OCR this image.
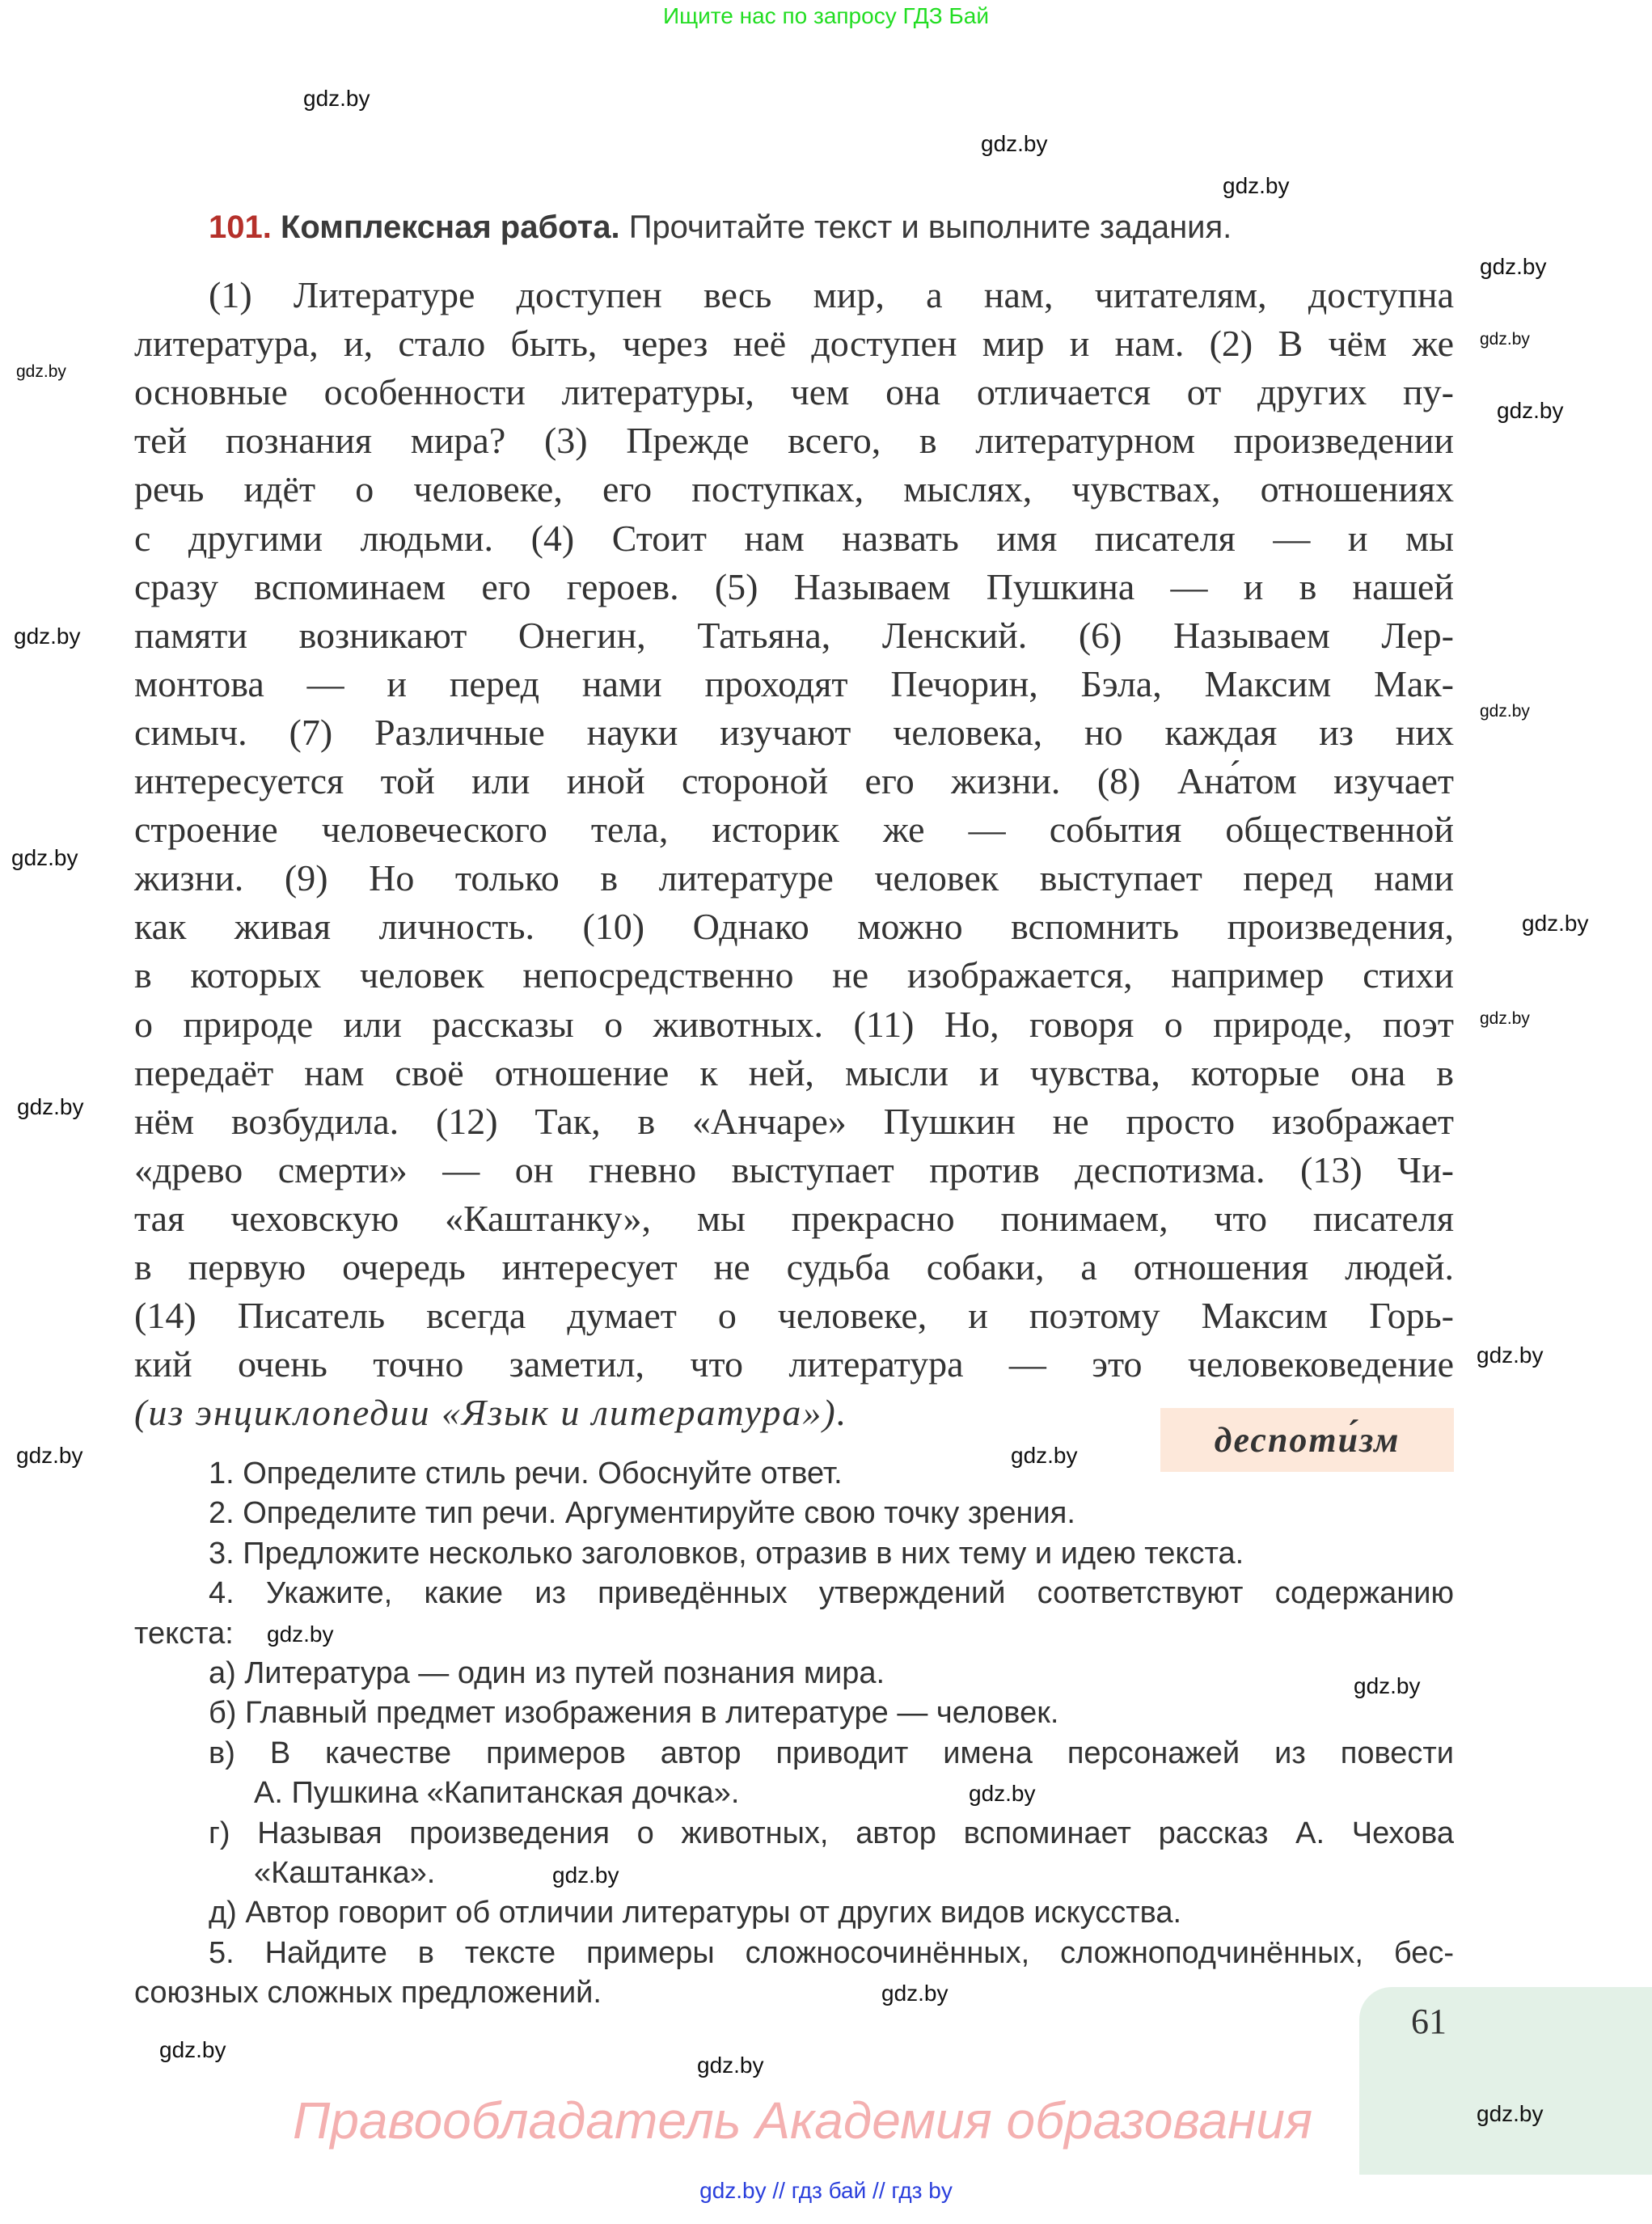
Ищите нас по запросу ГДЗ Бай
101. Комплексная работа. Прочитайте текст и выполните задания.
(1) Литературе доступен весь мир, а нам, читателям, доступна
литература, и, стало быть, через неё доступен мир и нам. (2) В чём же
основные особенности литературы, чем она отличается от других пу-
тей познания мира? (3) Прежде всего, в литературном произведении
речь идёт о человеке, его поступках, мыслях, чувствах, отношениях
с другими людьми. (4) Стоит нам назвать имя писателя — и мы
сразу вспоминаем его героев. (5) Называем Пушкина — и в нашей
памяти возникают Онегин, Татьяна, Ленский. (6) Называем Лер-
монтова — и перед нами проходят Печорин, Бэла, Максим Мак-
симыч. (7) Различные науки изучают человека, но каждая из них
интересуется той или иной стороной его жизни. (8) Ана́том изучает
строение человеческого тела, историк же — события общественной
жизни. (9) Но только в литературе человек выступает перед нами
как живая личность. (10) Однако можно вспомнить произведения,
в которых человек непосредственно не изображается, например стихи
о природе или рассказы о животных. (11) Но, говоря о природе, поэт
передаёт нам своё отношение к ней, мысли и чувства, которые она в
нём возбудила. (12) Так, в «Анчаре» Пушкин не просто изображает
«древо смерти» — он гневно выступает против деспотизма. (13) Чи-
тая чеховскую «Каштанку», мы прекрасно понимаем, что писателя
в первую очередь интересует не судьба собаки, а отношения людей.
(14) Писатель всегда думает о человеке, и поэтому Максим Горь-
кий очень точно заметил, что литература — это человековедение
(из энциклопедии «Язык и литература»).
деспоти́зм
1. Определите стиль речи. Обоснуйте ответ.
2. Определите тип речи. Аргументируйте свою точку зрения.
3. Предложите несколько заголовков, отразив в них тему и идею текста.
4. Укажите, какие из приведённых утверждений соответствуют содержанию
текста:
а) Литература — один из путей познания мира.
б) Главный предмет изображения в литературе — человек.
в) В качестве примеров автор приводит имена персонажей из повести
А. Пушкина «Капитанская дочка».
г) Называя произведения о животных, автор вспоминает рассказ А. Чехова
«Каштанка».
д) Автор говорит об отличии литературы от других видов искусства.
5. Найдите в тексте примеры сложносочинённых, сложноподчинённых, бес-
союзных сложных предложений.
61
Правообладатель Академия образования
gdz.by // гдз бай // гдз by
gdz.by
gdz.by
gdz.by
gdz.by
gdz.by
gdz.by
gdz.by
gdz.by
gdz.by
gdz.by
gdz.by
gdz.by
gdz.by
gdz.by
gdz.by
gdz.by
gdz.by
gdz.by
gdz.by
gdz.by
gdz.by
gdz.by
gdz.by
gdz.by
